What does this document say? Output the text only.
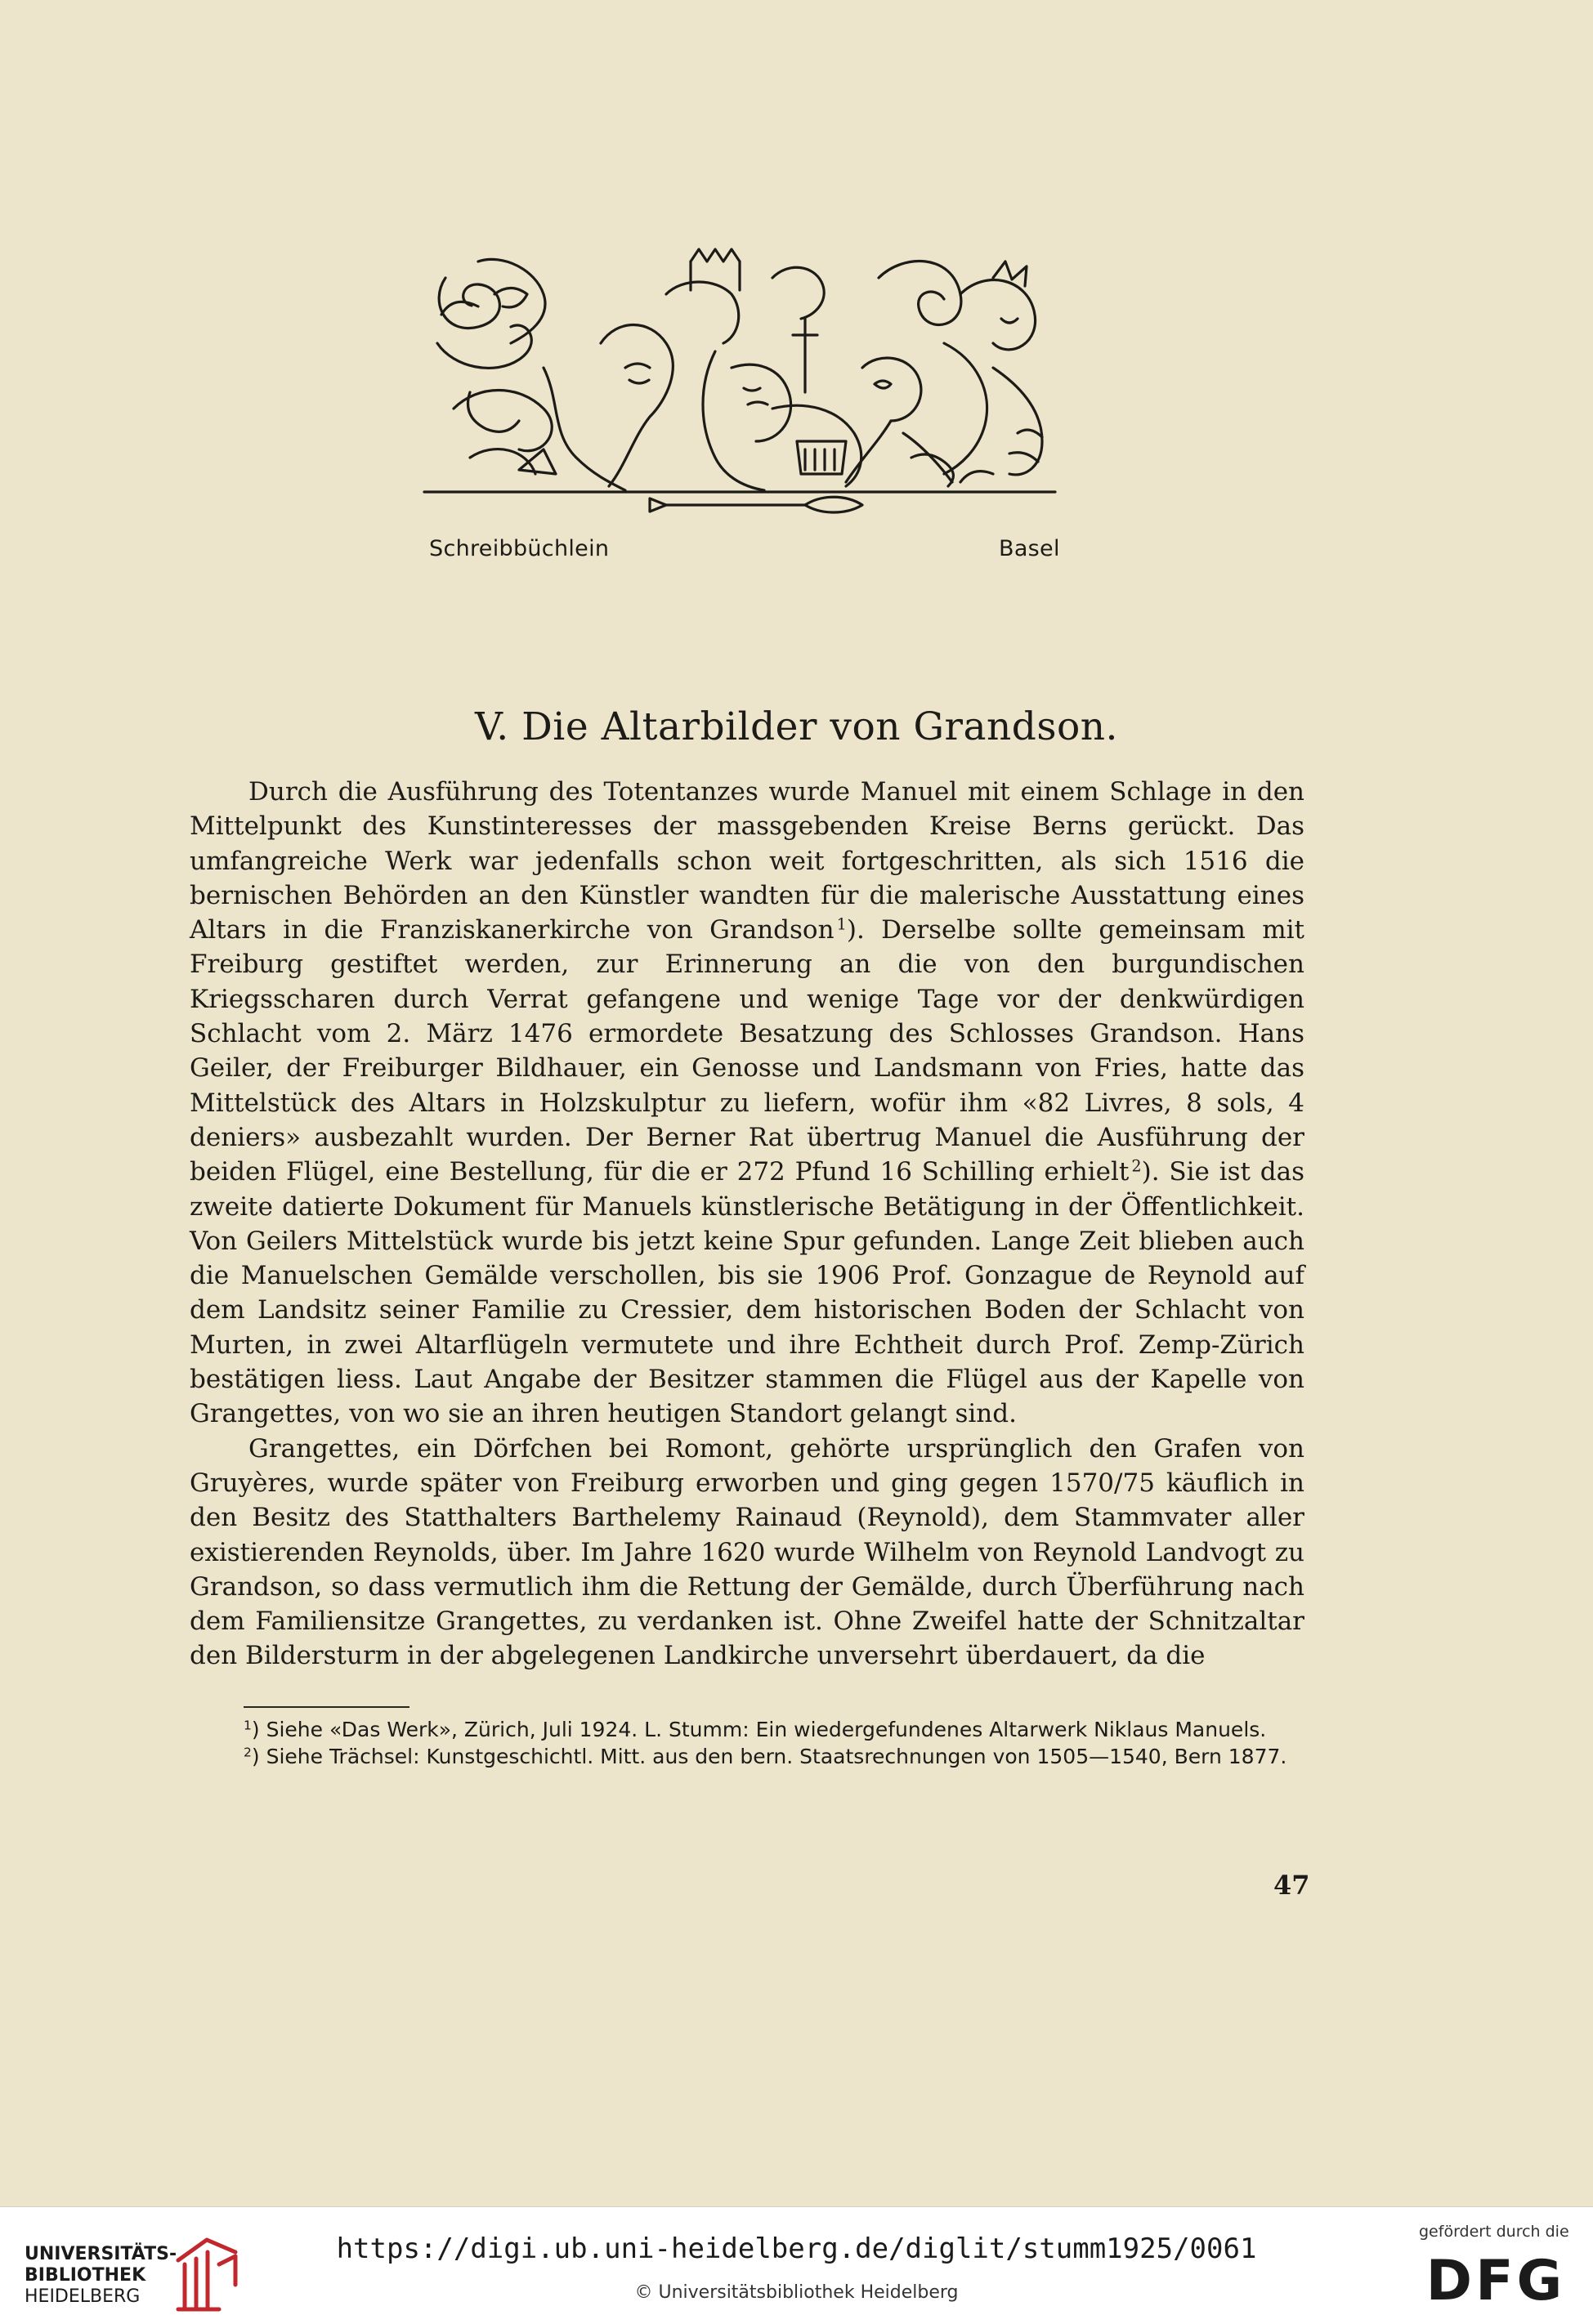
Schreibbüchlein	Basel
V. Die Altarbilder von Grandson.

Durch die Ausführung des Totentanzes wurde Manuel mit einem Schlage in den Mittelpunkt des Kunstinteresses der massgebenden Kreise Berns gerückt. Das umfangreiche Werk war jedenfalls schon weit fortgeschritten, als sich 1516 die bernischen Behörden an den Künstler wandten für die malerische Ausstattung eines Altars in die Franziskanerkirche von Grandson  $^1$). Derselbe sollte gemeinsam mit Freiburg gestiftet werden, zur Erinnerung an die von den burgundischen Kriegsscharen durch Verrat gefangene und wenige Tage vor der denkwürdigen Schlacht vom 2. März 1476 ermordete Besatzung des Schlosses Grandson. Hans Geiler, der Freiburger Bildhauer, ein Genosse und Landsmann von Fries, hatte das Mittelstück des Altars in Holzskulptur zu liefern, wofür ihm «82 Livres, 8 sols, 4 deniers» ausbezahlt wurden. Der Berner Rat übertrug Manuel die Ausführung der beiden Flügel, eine Bestellung, für die er 272 Pfund 16 Schilling erhielt  $^2$). Sie ist das zweite datierte Dokument für Manuels künstlerische Betätigung in der Öffentlichkeit. Von Geilers Mittelstück wurde bis jetzt keine Spur gefunden. Lange Zeit blieben auch die Manuelschen Gemälde verschollen, bis sie 1906 Prof. Gonzague de Reynold auf dem Landsitz seiner Familie zu Cressier, dem historischen Boden der Schlacht von Murten, in zwei Altarflügeln vermutete und ihre Echtheit durch Prof. Zemp-Zürich bestätigen liess. Laut Angabe der Besitzer stammen die Flügel aus der Kapelle von Grangettes, von wo sie an ihren heutigen Standort gelangt sind.

Grangettes, ein Dörfchen bei Romont, gehörte ursprünglich den Grafen von Gruyères, wurde später von Freiburg erworben und ging gegen 1570/75 käuflich in den Besitz des Statthalters Barthelemy Rainaud (Reynold), dem Stammvater aller existierenden Reynolds, über. Im Jahre 1620 wurde Wilhelm von Reynold Landvogt zu Grandson, so dass vermutlich ihm die Rettung der Gemälde, durch Überführung nach dem Familiensitze Grangettes, zu verdanken ist. Ohne Zweifel hatte der Schnitzaltar den Bildersturm in der abgelegenen Landkirche unversehrt überdauert, da die

$^1$) Siehe «Das Werk», Zürich, Juli 1924. L. Stumm: Ein wiedergefundenes Altarwerk Niklaus Manuels.

$^2$) Siehe Trächsel: Kunstgeschichtl. Mitt. aus den bern. Staatsrechnungen von 1505—1540, Bern 1877.

47
UNIVERSITÄTS-
BIBLIOTHEK
HEIDELBERG
https://digi.ub.uni-heidelberg.de/diglit/stumm1925/0061
© Universitätsbibliothek Heidelberg
gefördert durch die
DFG
